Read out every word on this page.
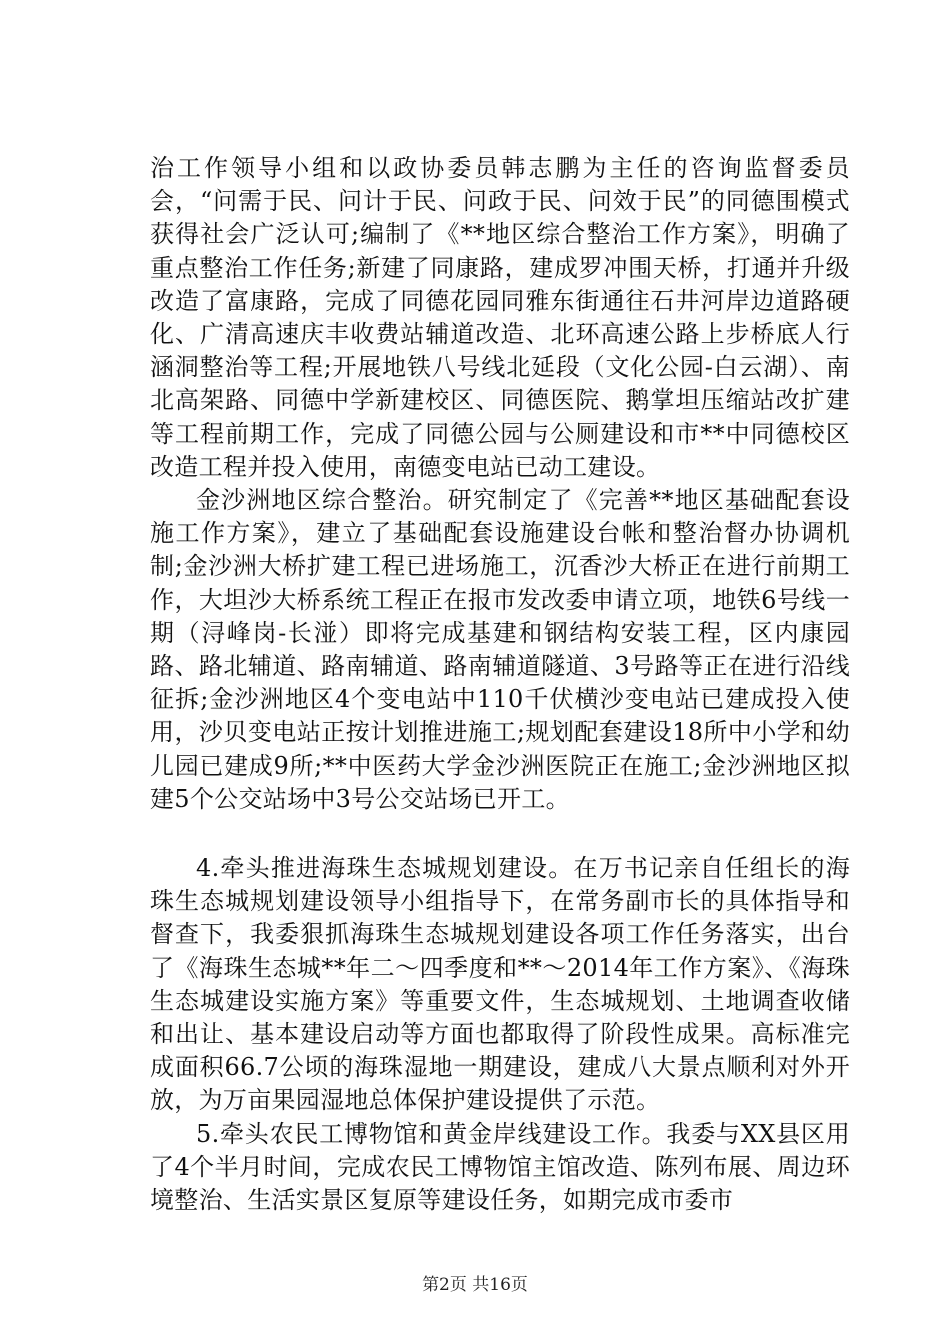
治工作领导小组和以政协委员韩志鹏为主任的咨询监督委员会，“问需于民、问计于民、问政于民、问效于民”的同德围模式获得社会广泛认可;编制了《**地区综合整治工作方案》，明确了重点整治工作任务;新建了同康路，建成罗冲围天桥，打通并升级改造了富康路，完成了同德花园同雅东街通往石井河岸边道路硬化、广清高速庆丰收费站辅道改造、北环高速公路上步桥底人行涵洞整治等工程;开展地铁八号线北延段（文化公园-白云湖）、南北高架路、同德中学新建校区、同德医院、鹅掌坦压缩站改扩建等工程前期工作，完成了同德公园与公厕建设和市**中同德校区改造工程并投入使用，南德变电站已动工建设。

金沙洲地区综合整治。研究制定了《完善**地区基础配套设施工作方案》，建立了基础配套设施建设台帐和整治督办协调机制;金沙洲大桥扩建工程已进场施工，沉香沙大桥正在进行前期工作，大坦沙大桥系统工程正在报市发改委申请立项，地铁6号线一期（浔峰岗-长湴）即将完成基建和钢结构安装工程，区内康园路、路北辅道、路南辅道、路南辅道隧道、3号路等正在进行沿线征拆;金沙洲地区4个变电站中110千伏横沙变电站已建成投入使用，沙贝变电站正按计划推进施工;规划配套建设18所中小学和幼儿园已建成9所;**中医药大学金沙洲医院正在施工;金沙洲地区拟建5个公交站场中3号公交站场已开工。

4.牵头推进海珠生态城规划建设。在万书记亲自任组长的海珠生态城规划建设领导小组指导下，在常务副市长的具体指导和督查下，我委狠抓海珠生态城规划建设各项工作任务落实，出台了《海珠生态城**年二～四季度和**～2014年工作方案》、《海珠生态城建设实施方案》等重要文件，生态城规划、土地调查收储和出让、基本建设启动等方面也都取得了阶段性成果。高标准完成面积66.7公顷的海珠湿地一期建设，建成八大景点顺利对外开放，为万亩果园湿地总体保护建设提供了示范。

5.牵头农民工博物馆和黄金岸线建设工作。我委与XX县区用了4个半月时间，完成农民工博物馆主馆改造、陈列布展、周边环境整治、生活实景区复原等建设任务，如期完成市委市

第2页 共16页
